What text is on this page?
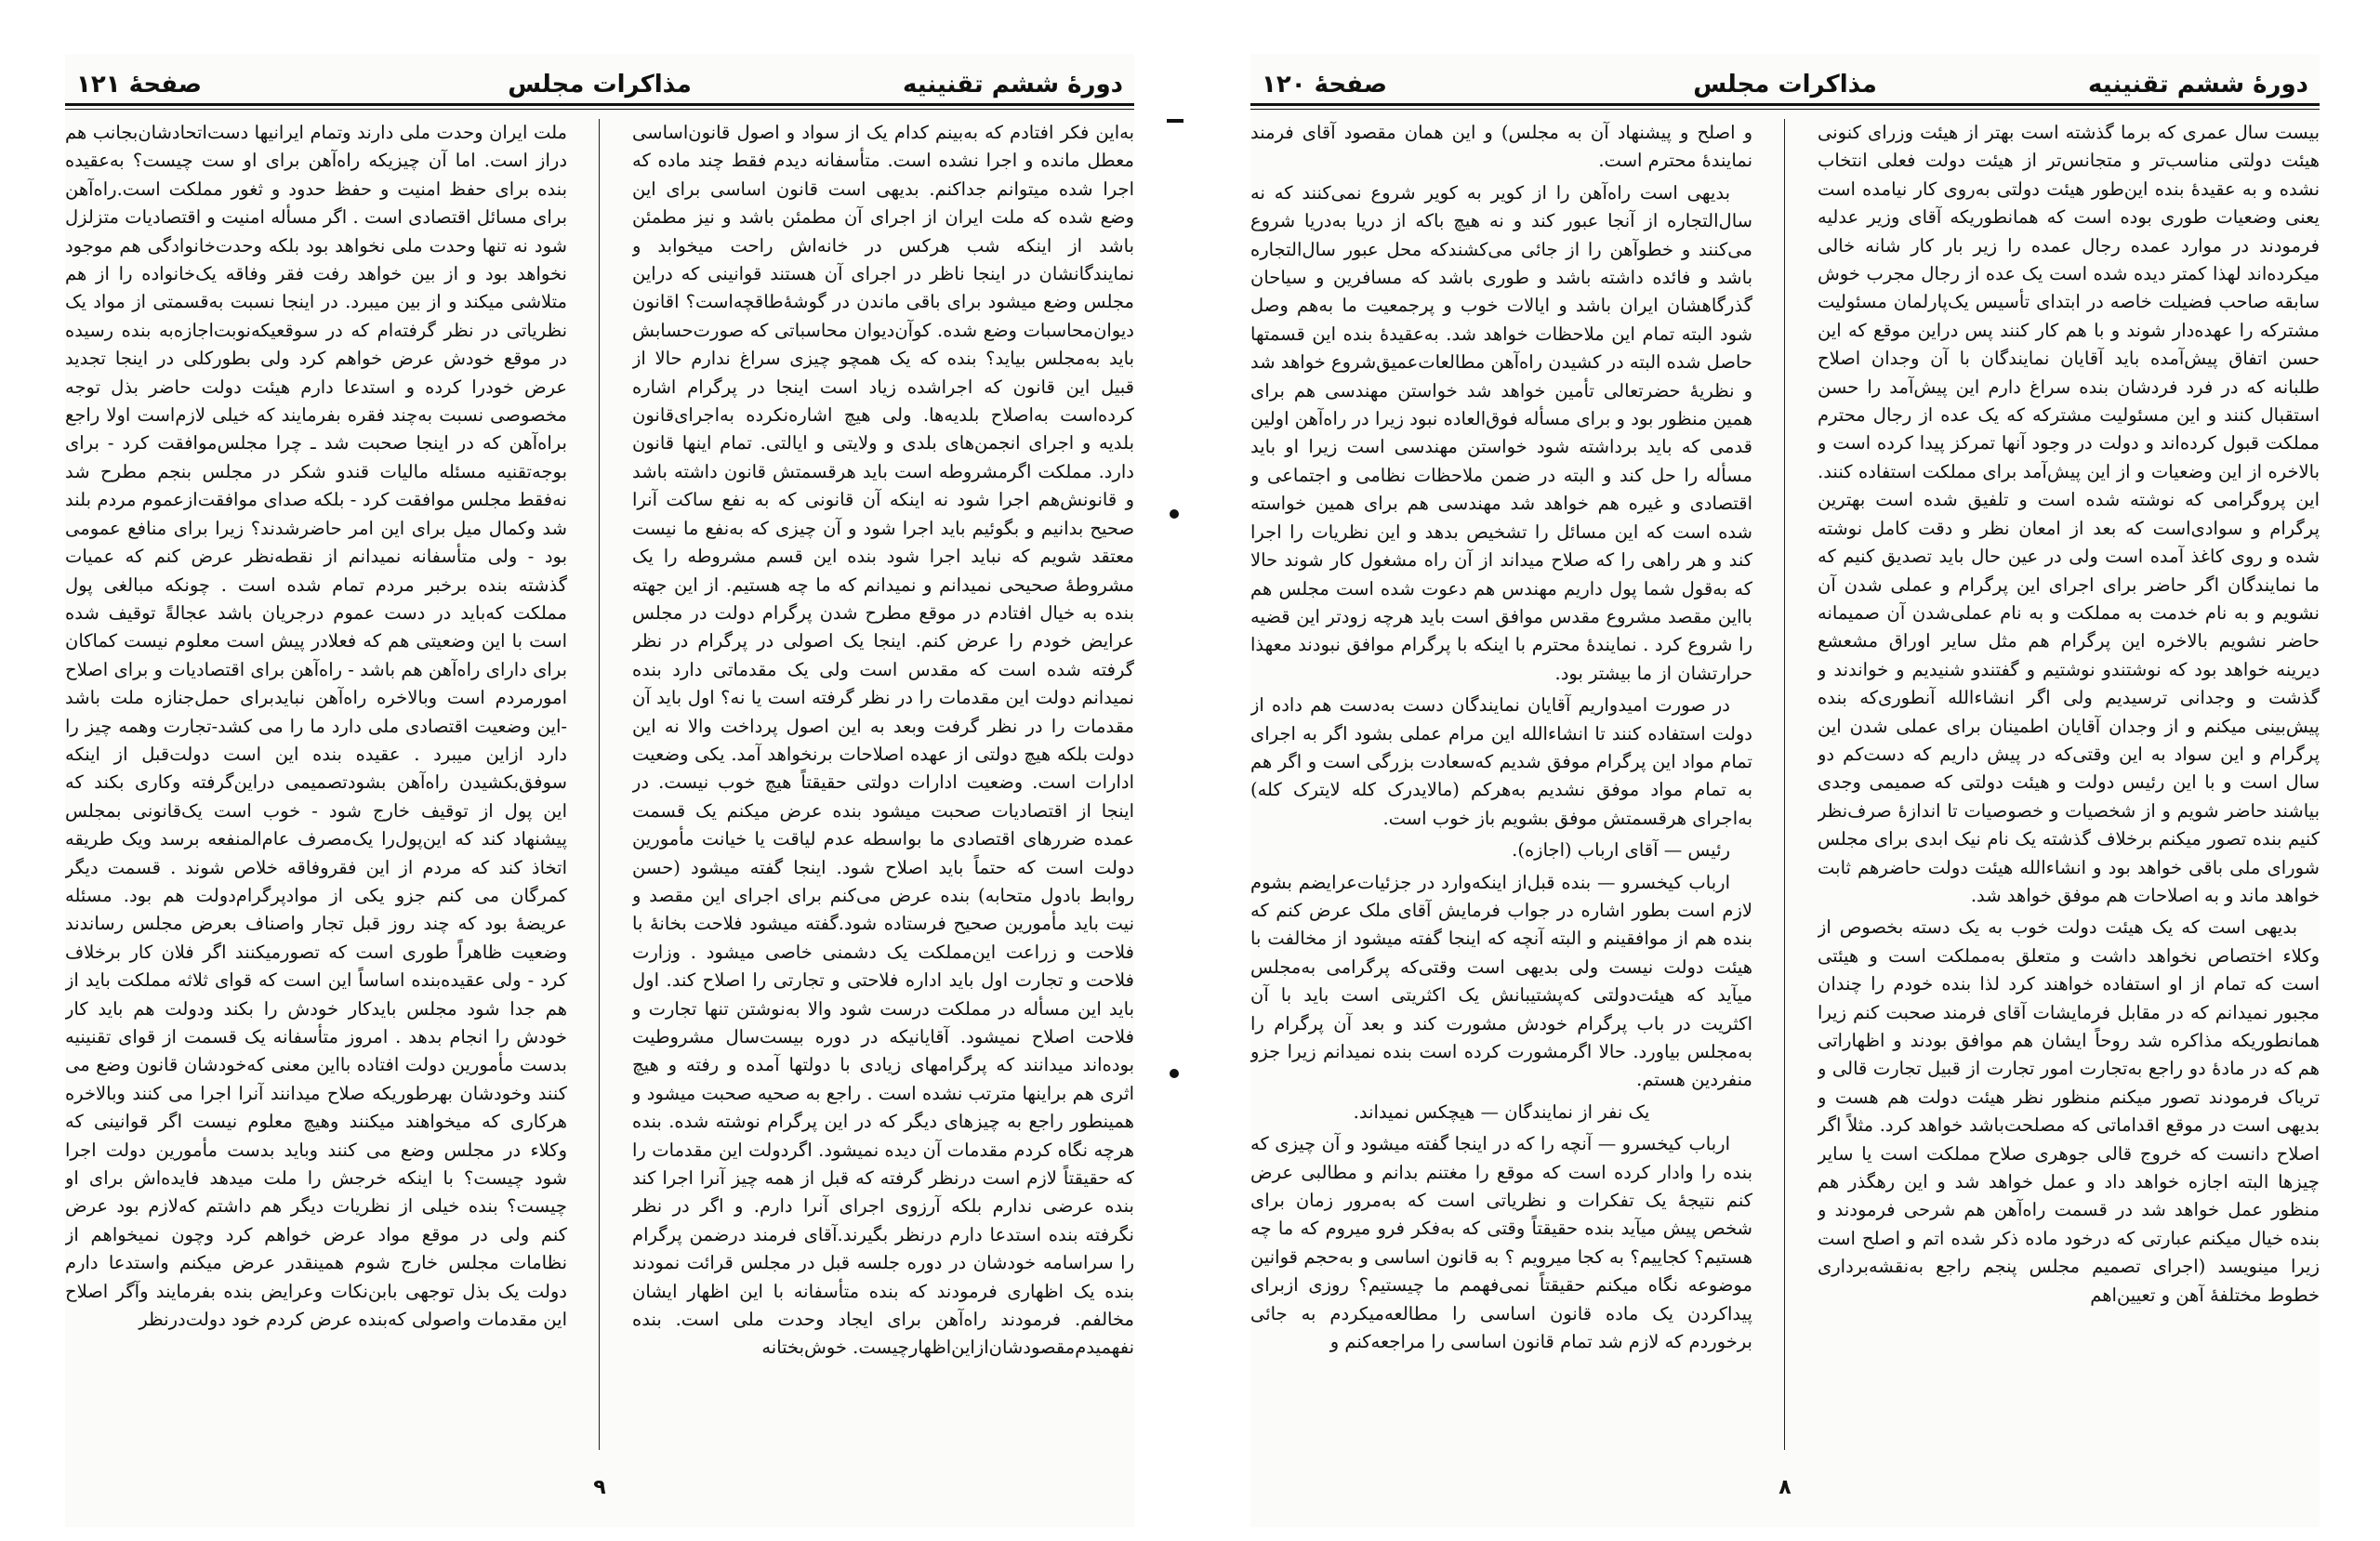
دورۀ ششم تقنینیه
مذاکرات مجلس
صفحۀ ۱۲۱

به‌این فکر افتادم که به‌بینم کدام یک از سواد و اصول قانون‌اساسی معطل مانده و اجرا نشده است. متأسفانه دیدم فقط چند ماده که اجرا شده میتوانم جداکنم. بدیهی است قانون اساسی برای این وضع شده که ملت ایران از اجرای آن مطمئن باشد و نیز مطمئن باشد از اینکه شب هرکس در خانه‌اش راحت میخوابد و نمایندگانشان در اینجا ناظر در اجرای آن هستند قوانینی که دراین مجلس وضع میشود برای باقی ماندن در گوشۀطاقچه‌است؟ اقانون دیوان‌محاسبات وضع شده. کوآن‌دیوان محاسباتی که صورت‌حسابش باید به‌مجلس بیاید؟ بنده که یک همچو چیزی سراغ ندارم حالا از قبیل این قانون که اجراشده زیاد است اینجا در پرگرام اشاره کرده‌است به‌اصلاح بلدیه‌ها. ولی هیچ اشاره‌نکرده به‌اجرای‌قانون بلدیه و اجرای انجمن‌های بلدی و ولایتی و ایالتی. تمام اینها قانون دارد. مملکت اگرمشروطه است باید هرقسمتش قانون داشته باشد و قانونش‌هم اجرا شود نه اینکه آن قانونی که به نفع ساکت آنرا صحیح بدانیم و بگوئیم باید اجرا شود و آن چیزی که به‌نفع ما نیست معتقد شویم که نباید اجرا شود بنده این قسم مشروطه را یک مشروطۀ صحیحی نمیدانم و نمیدانم که ما چه هستیم. از این جهته بنده به خیال افتادم در موقع مطرح شدن پرگرام دولت در مجلس عرایض خودم را عرض کنم. اینجا یک اصولی در پرگرام در نظر گرفته شده است که مقدس است ولی یک مقدماتی دارد بنده نمیدانم دولت این مقدمات را در نظر گرفته است یا نه؟ اول باید آن مقدمات را در نظر گرفت وبعد به این اصول پرداخت والا نه این دولت بلکه هیچ دولتی از عهده اصلاحات برنخواهد آمد. یکی وضعیت ادارات است. وضعیت ادارات دولتی حقیقتاً هیچ خوب نیست. در اینجا از اقتصادیات صحبت میشود بنده عرض میکنم یک قسمت عمده ضررهای اقتصادی ما بواسطه عدم لیاقت یا خیانت مأمورین دولت است که حتماً باید اصلاح شود. اینجا گفته میشود (حسن روابط بادول متحابه) بنده عرض می‌کنم برای اجرای این مقصد و نیت باید مأمورین صحیح فرستاده شود.گفته میشود فلاحت بخانۀ با فلاحت و زراعت این‌مملکت یک دشمنی خاصی میشود . وزارت فلاحت و تجارت اول باید اداره فلاحتی و تجارتی را اصلاح کند. اول باید این مسأله در مملکت درست شود والا به‌نوشتن تنها تجارت و فلاحت اصلاح نمیشود. آقایانیکه در دوره بیست‌سال مشروطیت بوده‌اند میدانند که پرگرامهای زیادی با دولتها آمده و رفته و هیچ اثری هم براینها مترتب نشده است . راجع به صحیه صحبت میشود و همینطور راجع به چیزهای دیگر که در این پرگرام نوشته شده. بنده هرچه نگاه کردم مقدمات آن دیده نمیشود. اگردولت این مقدمات را که حقیقتاً لازم است درنظر گرفته که قبل از همه چیز آنرا اجرا کند بنده عرضی ندارم بلکه آرزوی اجرای آنرا دارم. و اگر در نظر نگرفته بنده استدعا دارم درنظر بگیرند.آقای فرمند درضمن پرگرام را سراسامه خودشان در دوره جلسه قبل در مجلس قرائت نمودند بنده یک اظهاری فرمودند که بنده متأسفانه با این اظهار ایشان مخالفم. فرمودند راه‌آهن برای ایجاد وحدت ملی است. بنده نفهمیدم‌مقصودشان‌ازاین‌اظهارچیست. خوش‌بختانه

ملت ایران وحدت ملی دارند وتمام ایرانیها دست‌اتحادشان‌بجانب هم دراز است. اما آن چیزیکه راه‌آهن برای او ست چیست؟ به‌عقیده بنده برای حفظ امنیت و حفظ حدود و ثغور مملکت است.راه‌آهن برای مسائل اقتصادی است . اگر مسأله امنیت و اقتصادیات متزلزل شود نه تنها وحدت ملی نخواهد بود بلکه وحدت‌خانوادگی هم موجود نخواهد بود و از بین خواهد رفت فقر وفاقه یک‌خانواده را از هم متلاشی میکند و از بین میبرد. در اینجا نسبت به‌قسمتی از مواد یک نظریاتی در نظر گرفته‌ام که در سوقعیکه‌نوبت‌اجازه‌به بنده رسیده در موقع خودش عرض خواهم کرد ولی بطورکلی در اینجا تجدید عرض خودرا کرده و استدعا دارم هیئت دولت حاضر بذل توجه مخصوصی نسبت به‌چند فقره بفرمایند که خیلی لازم‌است اولا راجع براه‌آهن که در اینجا صحبت شد ـ چرا مجلس‌موافقت کرد - برای بوجه‌تقنیه مسئله مالیات قندو شکر در مجلس بنجم مطرح شد نه‌فقط مجلس موافقت کرد - بلکه صدای موافقت‌ازعموم مردم بلند شد وکمال میل برای این امر حاضرشدند؟ زیرا برای منافع عمومی بود - ولی متأسفانه نمیدانم از نقطه‌نظر عرض کنم که عمیات گذشته بنده برخبر مردم تمام شده است . چونکه مبالغی پول مملکت که‌باید در دست عموم درجریان باشد عجالةً توقیف شده است با این وضعیتی هم که فعلادر پیش است معلوم نیست کماکان برای دارای راه‌آهن هم باشد - راه‌آهن برای اقتصادیات و برای اصلاح امورمردم است وبالاخره راه‌آهن نبایدبرای حمل‌جنازه ملت باشد -این وضعیت اقتصادی ملی دارد ما را می کشد-تجارت وهمه چیز را دارد ازاین میبرد . عقیده بنده این است دولت‌قبل از اینکه سوفق‌بکشیدن‌ راه‌آهن بشودتصمیمی دراین‌گرفته وکاری بکند که این پول از توقیف خارج شود - خوب است یک‌قانونی بمجلس پیشنهاد کند که این‌پول‌را یک‌مصرف عام‌المنفعه برسد ویک طریقه اتخاذ کند که مردم از این فقروفاقه خلاص شوند . قسمت دیگر کمرگان می کنم جزو یکی از موادپرگرام‌دولت هم بود. مسئله عریضۀ بود که چند روز قبل تجار واصناف بعرض مجلس رساندند وضعیت ظاهراً طوری است که تصورمیکنند اگر فلان کار برخلاف کرد - ولی عقیده‌بنده اساساً این است که قوای ثلاثه مملکت باید از هم جدا شود مجلس بایدکار خودش را بکند ودولت هم باید کار خودش را انجام بدهد . امروز متأسفانه یک قسمت از قوای تقنینیه بدست مأمورین دولت افتاده بااین معنی که‌خودشان قانون وضع می کنند وخودشان بهرطوریکه صلاح میدانند آنرا اجرا می کنند وبالاخره هرکاری که میخواهند میکنند وهیچ معلوم نیست اگر قوانینی که وکلاء در مجلس وضع می کنند وباید بدست مأمورین دولت اجرا شود چیست؟ با اینکه خرجش را ملت میدهد فایده‌اش برای او چیست‌؟ بنده خیلی از نظریات دیگر هم داشتم که‌لازم بود عرض کنم ولی در موقع مواد عرض خواهم کرد وچون نمیخواهم از نظامات مجلس خارج شوم همینقدر عرض میکنم واستدعا دارم دولت یک بذل توجهی بابن‌نکات وعرایض بنده بفرمایند وآگر اصلاح این مقدمات واصولی که‌بنده عرض کردم خود دولت‌درنظر

۹
دورۀ ششم تقنینیه
مذاکرات مجلس
صفحۀ ۱۲۰

بیست سال عمری که برما گذشته است بهتر از هیئت وزرای کنونی هیئت دولتی مناسب‌تر و متجانس‌تر از هیئت دولت فعلی انتخاب نشده و به عقیدۀ بنده این‌طور هیئت دولتی به‌روی کار نیامده است یعنی وضعیات طوری بوده است که همانطوریکه آقای وزیر عدلیه فرمودند در موارد عمده رجال عمده را زیر بار کار شانه خالی میکرده‌اند لهذا کمتر دیده شده است یک عده از رجال مجرب خوش سابقه صاحب فضیلت خاصه در ابتدای تأسیس یک‌پارلمان مسئولیت مشترکه را عهده‌دار شوند و با هم کار کنند پس دراین موقع که این حسن اتفاق پیش‌آمده باید آقایان نمایندگان با آن وجدان اصلاح طلبانه که در فرد فردشان بنده سراغ دارم این پیش‌آمد را حسن استقبال کنند و این مسئولیت مشترکه که یک عده از رجال محترم مملکت قبول کرده‌اند و دولت در وجود آنها تمرکز پیدا کرده است و بالاخره از این وضعیات و از این پیش‌آمد برای مملکت استفاده کنند. این پروگرامی که نوشته شده است و تلفیق شده است بهترین پرگرام و سوادی‌است که بعد از امعان نظر و دقت کامل نوشته شده و روی کاغذ آمده است ولی در عین حال باید تصدیق کنیم که ما نمایندگان اگر حاضر برای اجرای این پرگرام و عملی شدن آن نشویم و به نام خدمت به مملکت و به نام عملی‌شدن آن صمیمانه حاضر نشویم بالاخره این پرگرام هم مثل سایر اوراق مشعشع دیرینه خواهد بود که نوشتندو نوشتیم و گفتندو شنیدیم و خواندند و گذشت و وجدانی ترسیدیم ولی اگر انشاءالله آنطوری‌که بنده پیش‌بینی میکنم و از وجدان آقایان اطمینان برای عملی شدن این پرگرام و این سواد به این وقتی‌که در پیش داریم که دست‌کم دو سال است و با این رئیس دولت و هیئت دولتی که صمیمی وجدی بیاشند حاضر شویم و از شخصیات و خصوصیات تا اندازۀ صرف‌نظر کنیم بنده تصور میکنم برخلاف گذشته یک نام نیک ابدی برای مجلس شورای ملی باقی خواهد بود و انشاءالله هیئت دولت حاضرهم ثابت خواهد ماند و به اصلاحات هم موفق خواهد شد.

بدیهی است که یک هیئت دولت خوب به یک دسته بخصوص از وکلاء اختصاص نخواهد داشت و متعلق به‌مملکت است و هیئتی است که تمام از او استفاده خواهند کرد لذا بنده خودم را چندان مجبور نمیدانم که در مقابل فرمایشات آقای فرمند صحبت کنم زیرا همانطوریکه مذاکره شد روحاً ایشان هم موافق بودند و اظهاراتی هم که در مادۀ دو راجع به‌تجارت امور تجارت از قبیل تجارت قالی و تریاک فرمودند تصور میکنم منظور نظر هیئت دولت هم هست و بدیهی است در موقع اقداماتی که مصلحت‌باشد خواهد کرد. مثلاً اگر اصلاح دانست که خروج قالی جوهری صلاح مملکت است یا سایر چیزها البته اجازه خواهد داد و عمل خواهد شد و این رهگذر هم منظور عمل خواهد شد در قسمت راه‌آهن هم شرحی فرمودند و بنده خیال میکنم عبارتی که درخود ماده ذکر شده اتم و اصلح است زیرا مینویسد (اجرای تصمیم مجلس پنجم راجع به‌نقشه‌برداری خطوط مختلفۀ آهن و تعیین‌اهم

و اصلح و پیشنهاد آن به مجلس) و این همان مقصود آقای فرمند نمایندۀ محترم است.

بدیهی است راه‌آهن را از کویر به کویر شروع نمی‌کنند که نه سال‌التجاره از آنجا عبور کند و نه هیچ باکه از دریا به‌دریا شروع می‌کنند و خطوآهن را از جائی می‌کشندکه محل عبور سال‌التجاره باشد و فائده داشته باشد و طوری باشد که مسافرین و سیاحان گذرگاهشان ایران باشد و ایالات خوب و پرجمعیت ما به‌هم وصل شود البته تمام این ملاحظات خواهد شد. به‌عقیدۀ بنده این قسمتها حاصل شده البته در کشیدن راه‌آهن مطالعات‌عمیق‌شروع خواهد شد و نظریۀ حضرتعالی تأمین خواهد شد خواستن مهندسی هم برای همین منظور بود و برای مسأله فوق‌العاده نبود زیرا در راه‌آهن اولین قدمی که باید برداشته شود خواستن مهندسی است زیرا او باید مسأله را حل کند و البته در ضمن ملاحظات نظامی و اجتماعی و اقتصادی و غیره هم خواهد شد مهندسی هم برای همین خواسته شده است که این مسائل را تشخیص بدهد و این نظریات را اجرا کند و هر راهی را که صلاح میداند از آن راه مشغول کار شوند حالا که به‌قول شما پول داریم مهندس هم دعوت شده است مجلس هم بااین مقصد مشروع مقدس موافق است باید هرچه زودتر این قضیه را شروع کرد . نمایندۀ محترم با اینکه با پرگرام موافق نبودند معهذا حرارتشان از ما بیشتر بود.

در صورت امیدواریم آقایان نمایندگان دست به‌دست هم داده از دولت استفاده کنند تا انشاءالله این مرام عملی بشود اگر به اجرای تمام مواد این پرگرام موفق شدیم که‌سعادت بزرگی است و اگر هم به تمام مواد موفق نشدیم به‌هرکم (مالایدرک کله لایترک کله) به‌اجرای هرقسمتش موفق بشویم باز خوب است.

رئیس — آقای ارباب (اجازه).

ارباب کیخسرو — بنده قبل‌از اینکه‌وارد در جزئیات‌عرایضم بشوم لازم است بطور اشاره در جواب فرمایش آقای ملک عرض کنم که بنده هم از موافقینم و البته آنچه که اینجا گفته میشود از مخالفت با هیئت دولت نیست ولی بدیهی است وقتی‌که پرگرامی به‌مجلس میآید که هیئت‌دولتی که‌پشتیبانش یک اکثریتی است باید با آن اکثریت در باب پرگرام خودش مشورت کند و بعد آن پرگرام را به‌مجلس بیاورد. حالا اگرمشورت کرده است بنده نمیدانم زیرا جزو منفردین هستم.

یک نفر از نمایندگان — هیچکس نمیداند.

ارباب کیخسرو — آنچه را که در اینجا گفته میشود و آن چیزی که بنده را وادار کرده است که موقع را مغتنم بدانم و مطالبی عرض کنم نتیجۀ یک تفکرات و نظریاتی است که به‌مرور زمان برای شخص پیش میآید بنده حقیقتاً وقتی که به‌فکر فرو میروم که ما چه هستیم؟ کجاییم؟ به کجا میرویم ؟ به قانون اساسی و به‌حجم قوانین موضوعه نگاه میکنم حقیقتاً نمی‌فهمم ما چیستیم؟ روزی ازبرای پیداکردن یک ماده قانون اساسی را مطالعه‌میکردم به جائی برخوردم که لازم شد تمام قانون اساسی را مراجعه‌کنم و

۸
